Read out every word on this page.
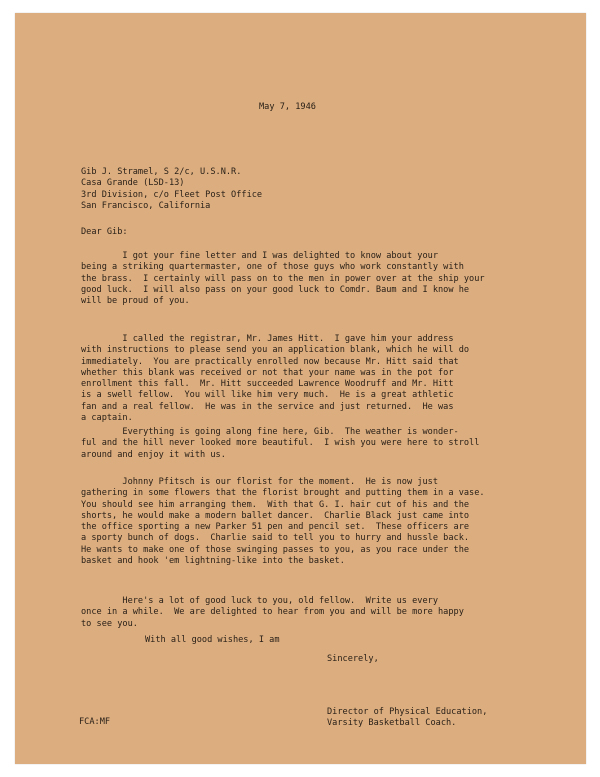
May 7, 1946

Gib J. Stramel, S 2/c, U.S.N.R.
Casa Grande (LSD-13)
3rd Division, c/o Fleet Post Office
San Francisco, California

Dear Gib:

I got your fine letter and I was delighted to know about your
being a striking quartermaster, one of those guys who work constantly with
the brass.  I certainly will pass on to the men in power over at the ship your
good luck.  I will also pass on your good luck to Comdr. Baum and I know he
will be proud of you.
I called the registrar, Mr. James Hitt.  I gave him your address
with instructions to please send you an application blank, which he will do
immediately.  You are practically enrolled now because Mr. Hitt said that
whether this blank was received or not that your name was in the pot for
enrollment this fall.  Mr. Hitt succeeded Lawrence Woodruff and Mr. Hitt
is a swell fellow.  You will like him very much.  He is a great athletic
fan and a real fellow.  He was in the service and just returned.  He was
a captain.
Everything is going along fine here, Gib.  The weather is wonder-
ful and the hill never looked more beautiful.  I wish you were here to stroll
around and enjoy it with us.
Johnny Pfitsch is our florist for the moment.  He is now just
gathering in some flowers that the florist brought and putting them in a vase.
You should see him arranging them.  With that G. I. hair cut of his and the
shorts, he would make a modern ballet dancer.  Charlie Black just came into
the office sporting a new Parker 51 pen and pencil set.  These officers are
a sporty bunch of dogs.  Charlie said to tell you to hurry and hussle back.
He wants to make one of those swinging passes to you, as you race under the
basket and hook 'em lightning-like into the basket.
Here's a lot of good luck to you, old fellow.  Write us every
once in a while.  We are delighted to hear from you and will be more happy
to see you.

With all good wishes, I am

Sincerely,

Director of Physical Education,
Varsity Basketball Coach.

FCA:MF
